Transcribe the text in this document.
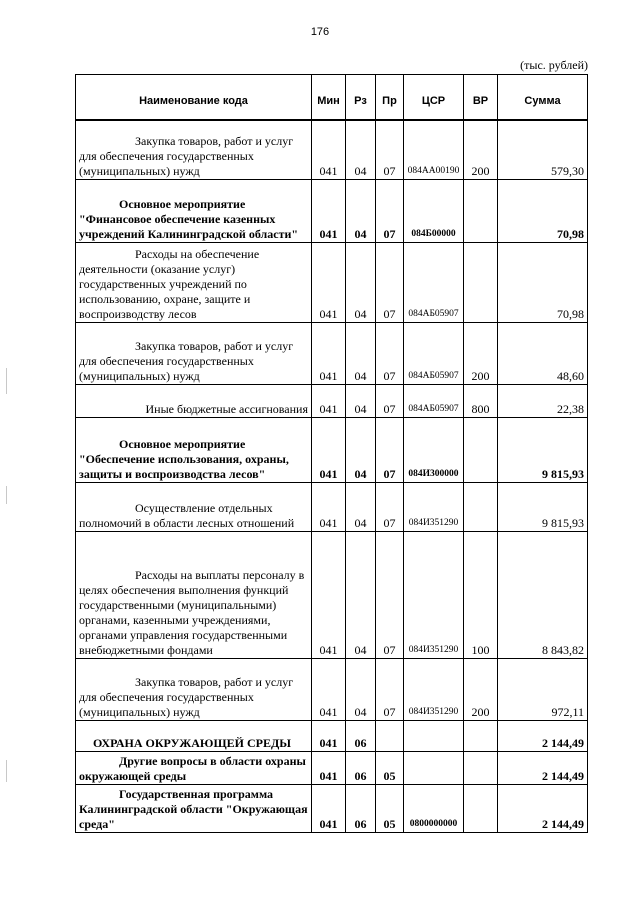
176
(тыс. рублей)
Наименование кода	Мин	Рз	Пр	ЦСР	ВР	Сумма
Закупка товаров, работ и услуг для обеспечения государственных (муниципальных) нужд	041	04	07	084АА00190	200	579,30
Основное мероприятие "Финансовое обеспечение казенных учреждений Калининградской области"	041	04	07	084Б00000		70,98
Расходы на обеспечение деятельности (оказание услуг) государственных учреждений по использованию, охране, защите и воспроизводству лесов	041	04	07	084АБ05907		70,98
Закупка товаров, работ и услуг для обеспечения государственных (муниципальных) нужд	041	04	07	084АБ05907	200	48,60
Иные бюджетные ассигнования	041	04	07	084АБ05907	800	22,38
Основное мероприятие "Обеспечение использования, охраны, защиты и воспроизводства лесов"	041	04	07	084И300000		9 815,93
Осуществление отдельных полномочий в области лесных отношений	041	04	07	084И351290		9 815,93
Расходы на выплаты персоналу в целях обеспечения выполнения функций государственными (муниципальными) органами, казенными учреждениями, органами управления государственными внебюджетными фондами	041	04	07	084И351290	100	8 843,82
Закупка товаров, работ и услуг для обеспечения государственных (муниципальных) нужд	041	04	07	084И351290	200	972,11
ОХРАНА ОКРУЖАЮЩЕЙ СРЕДЫ	041	06				2 144,49
Другие вопросы в области охраны окружающей среды	041	06	05			2 144,49
Государственная программа Калининградской области "Окружающая среда"	041	06	05	0800000000		2 144,49
